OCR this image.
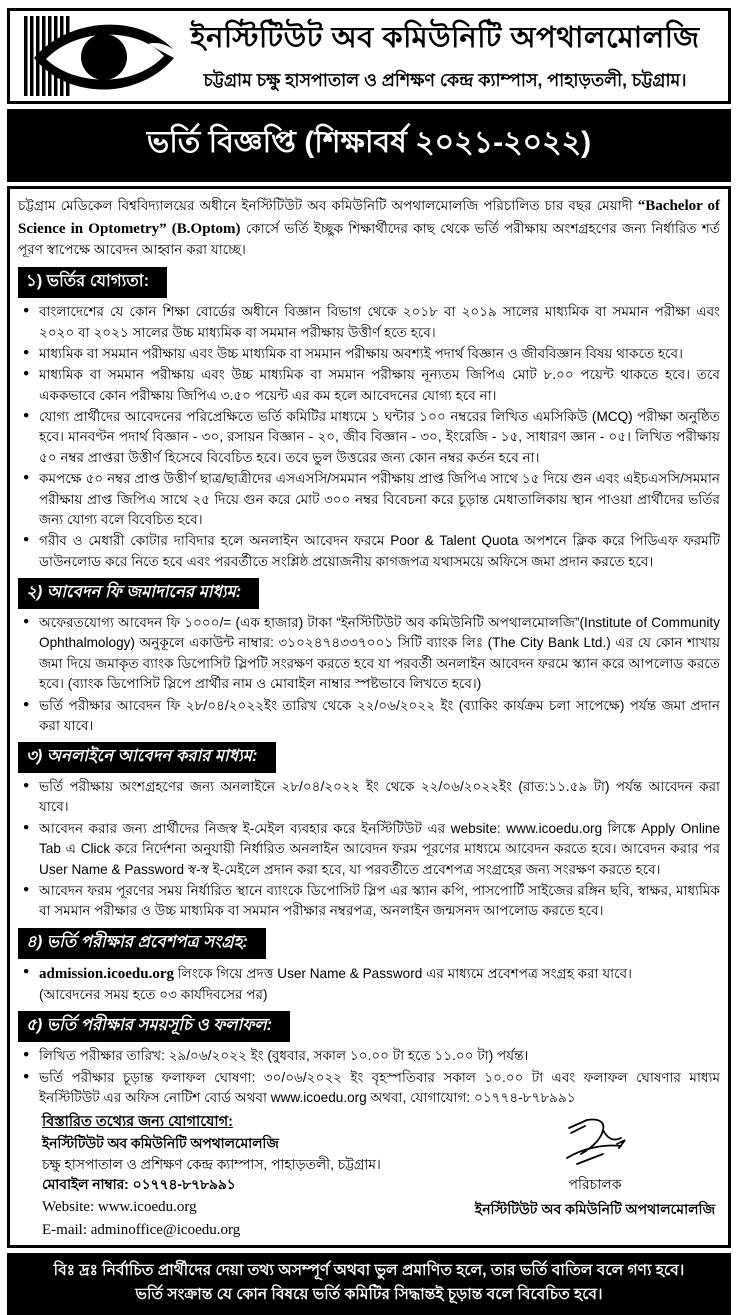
ইনস্টিটিউট অব কমিউনিটি অপথালমোলজি
চট্টগ্রাম চক্ষু হাসপাতাল ও প্রশিক্ষণ কেন্দ্র ক্যাম্পাস, পাহাড়তলী, চট্টগ্রাম।
ভর্তি বিজ্ঞপ্তি (শিক্ষাবর্ষ ২০২১-২০২২)

চট্টগ্রাম মেডিকেল বিশ্ববিদ্যালয়ের অধীনে ইনস্টিটিউট অব কমিউনিটি অপথালমোলজি পরিচালিত চার বছর মেয়াদী “Bachelor of Science in Optometry” (B.Optom) কোর্সে ভর্তি ইচ্ছুক শিক্ষার্থীদের কাছ থেকে ভর্তি পরীক্ষায় অংশগ্রহণের জন্য নির্ধারিত শর্ত পূরণ স্বাপেক্ষে আবেদন আহ্বান করা যাচ্ছে।

১) ভর্তির যোগ্যতা:
● বাংলাদেশের যে কোন শিক্ষা বোর্ডের অধীনে বিজ্ঞান বিভাগ থেকে ২০১৮ বা ২০১৯ সালের মাধ্যমিক বা সমমান পরীক্ষা এবং ২০২০ বা ২০২১ সালের উচ্চ মাধ্যমিক বা সমমান পরীক্ষায় উত্তীর্ণ হতে হবে।
● মাধ্যমিক বা সমমান পরীক্ষায় এবং উচ্চ মাধ্যমিক বা সমমান পরীক্ষায় অবশ্যই পদার্থ বিজ্ঞান ও জীববিজ্ঞান বিষয় থাকতে হবে।
● মাধ্যমিক বা সমমান পরীক্ষায় এবং উচ্চ মাধ্যমিক বা সমমান পরীক্ষায় নূন্যতম জিপিএ মোট ৮.০০ পয়েন্ট থাকতে হবে। তবে এককভাবে কোন পরীক্ষায় জিপিএ ৩.৫০ পয়েন্ট এর কম হলে আবেদনের যোগ্য হবে না।
● যোগ্য প্রার্থীদের আবেদনের পরিপ্রেক্ষিতে ভর্তি কমিটির মাধ্যমে ১ ঘন্টার ১০০ নম্বরের লিখিত এমসিকিউ (MCQ) পরীক্ষা অনুষ্ঠিত হবে। মানবণ্টন পদার্থ বিজ্ঞান - ৩০, রসায়ন বিজ্ঞান - ২০, জীব বিজ্ঞান - ৩০, ইংরেজি - ১৫, সাধারণ জ্ঞান - ০৫। লিখিত পরীক্ষায় ৫০ নম্বর প্রাপ্তরা উত্তীর্ণ হিসেবে বিবেচিত হবে। তবে ভুল উত্তরের জন্য কোন নম্বর কর্তন হবে না।
● কমপক্ষে ৫০ নম্বর প্রাপ্ত উত্তীর্ণ ছাত্র/ছাত্রীদের এসএসসি/সমমান পরীক্ষায় প্রাপ্ত জিপিএ সাথে ১৫ দিয়ে গুন এবং এইচএসসি/সমমান পরীক্ষায় প্রাপ্ত জিপিএ সাথে ২৫ দিয়ে গুন করে মোট ৩০০ নম্বর বিবেচনা করে চূড়ান্ত মেধাতালিকায় স্থান পাওয়া প্রার্থীদের ভর্তির জন্য যোগ্য বলে বিবেচিত হবে।
● গরীব ও মেধারী কোটার দাবিদার হলে অনলাইন আবেদন ফরমে Poor & Talent Quota অপশনে ক্লিক করে পিডিএফ ফরমটি ডাউনলোড করে নিতে হবে এবং পরবর্তীতে সংশ্লিষ্ঠ প্রয়োজনীয় কাগজপত্র যথাসময়ে অফিসে জমা প্রদান করতে হবে।
২) আবেদন ফি জমাদানের মাধ্যম:
● অফেরতযোগ্য আবেদন ফি ১০০০/= (এক হাজার) টাকা “ইনস্টিটিউট অব কমিউনিটি অপথালমোলজি”(Institute of Community Ophthalmology) অনুকূলে একাউন্ট নাম্বার: ৩১০২৪৭৪৩৩৭০০১ সিটি ব্যাংক লিঃ (The City Bank Ltd.) এর যে কোন শাখায় জমা দিয়ে জমাকৃত ব্যাংক ডিপোসিট স্লিপটি সংরক্ষণ করতে হবে যা পরবর্তী অনলাইন আবেদন ফরমে স্ক্যান করে আপলোড করতে হবে। (ব্যাংক ডিপোসিট স্লিপে প্রার্থীর নাম ও মোবাইল নাম্বার স্পষ্টভাবে লিখতে হবে।)
● ভর্তি পরীক্ষার আবেদন ফি ২৮/০৪/২০২২ইং তারিখ থেকে ২২/০৬/২০২২ ইং (ব্যাকিং কার্যক্রম চলা সাপেক্ষে) পর্যন্ত জমা প্রদান করা যাবে।
৩) অনলাইনে আবেদন করার মাধ্যম:
● ভর্তি পরীক্ষায় অংশগ্রহণের জন্য অনলাইনে ২৮/০৪/২০২২ ইং থেকে ২২/০৬/২০২২ইং (রাত:১১.৫৯ টা) পর্যন্ত আবেদন করা যাবে।
● আবেদন করার জন্য প্রার্থীদের নিজস্ব ই-মেইল ব্যবহার করে ইনস্টিটিউট এর website: www.icoedu.org লিঙ্কে Apply Online Tab এ Click করে নির্দেশনা অনুযায়ী নির্ধারিত অনলাইন আবেদন ফরম পূরণের মাধ্যমে আবেদন করতে হবে। আবেদন করার পর User Name & Password স্ব-স্ব ই-মেইলে প্রদান করা হবে, যা পরবর্তীতে প্রবেশপত্র সংগ্রহের জন্য সংরক্ষণ করতে হবে।
● আবেদন ফরম পূরণের সময় নির্ধারিত স্থানে ব্যাংকে ডিপোসিট স্লিপ এর স্ক্যান কপি, পাসপোর্টি সাইজের রঙ্গিন ছবি, স্বাক্ষর, মাধ্যমিক বা সমমান পরীক্ষার ও উচ্চ মাধ্যমিক বা সমমান পরীক্ষার নম্বরপত্র, অনলাইন জন্মসনদ আপলোড করতে হবে।
৪) ভর্তি পরীক্ষার প্রবেশপত্র সংগ্রহ:
● admission.icoedu.org লিংকে গিয়ে প্রদত্ত User Name & Password এর মাধ্যমে প্রবেশপত্র সংগ্রহ করা যাবে।
(আবেদনের সময় হতে ০৩ কার্যদিবসের পর)
৫) ভর্তি পরীক্ষার সময়সূচি ও ফলাফল:
● লিখিত পরীক্ষার তারিখ: ২৯/০৬/২০২২ ইং (বুধবার, সকাল ১০.০০ টা হতে ১১.০০ টা) পর্যন্ত।
● ভর্তি পরীক্ষার চূড়ান্ত ফলাফল ঘোষণা: ৩০/০৬/২০২২ ইং বৃহস্পতিবার সকাল ১০.০০ টা এবং ফলাফল ঘোষণার মাধ্যম ইনস্টিটিউট এর অফিস নোটিশ বোর্ড অথবা www.icoedu.org অথবা, যোগাযোগ: ০১৭৭৪-৮৭৮৯৯১
বিস্তারিত তথ্যের জন্য যোগাযোগ:
ইনস্টিটিউট অব কমিউনিটি অপথালমোলজি
চক্ষু হাসপাতাল ও প্রশিক্ষণ কেন্দ্র ক্যাম্পাস, পাহাড়তলী, চট্টগ্রাম।
মোবাইল নাম্বার: ০১৭৭৪-৮৭৮৯৯১
Website: www.icoedu.org
E-mail: adminoffice@icoedu.org
পরিচালক
ইনস্টিটিউট অব কমিউনিটি অপথালমোলজি
বিঃ দ্রঃ নির্বাচিত প্রার্থীদের দেয়া তথ্য অসম্পূর্ণ অথবা ভুল প্রমাণিত হলে, তার ভর্তি বাতিল বলে গণ্য হবে।
ভর্তি সংক্রান্ত যে কোন বিষয়ে ভর্তি কমিটির সিদ্ধান্তই চূড়ান্ত বলে বিবেচিত হবে।
